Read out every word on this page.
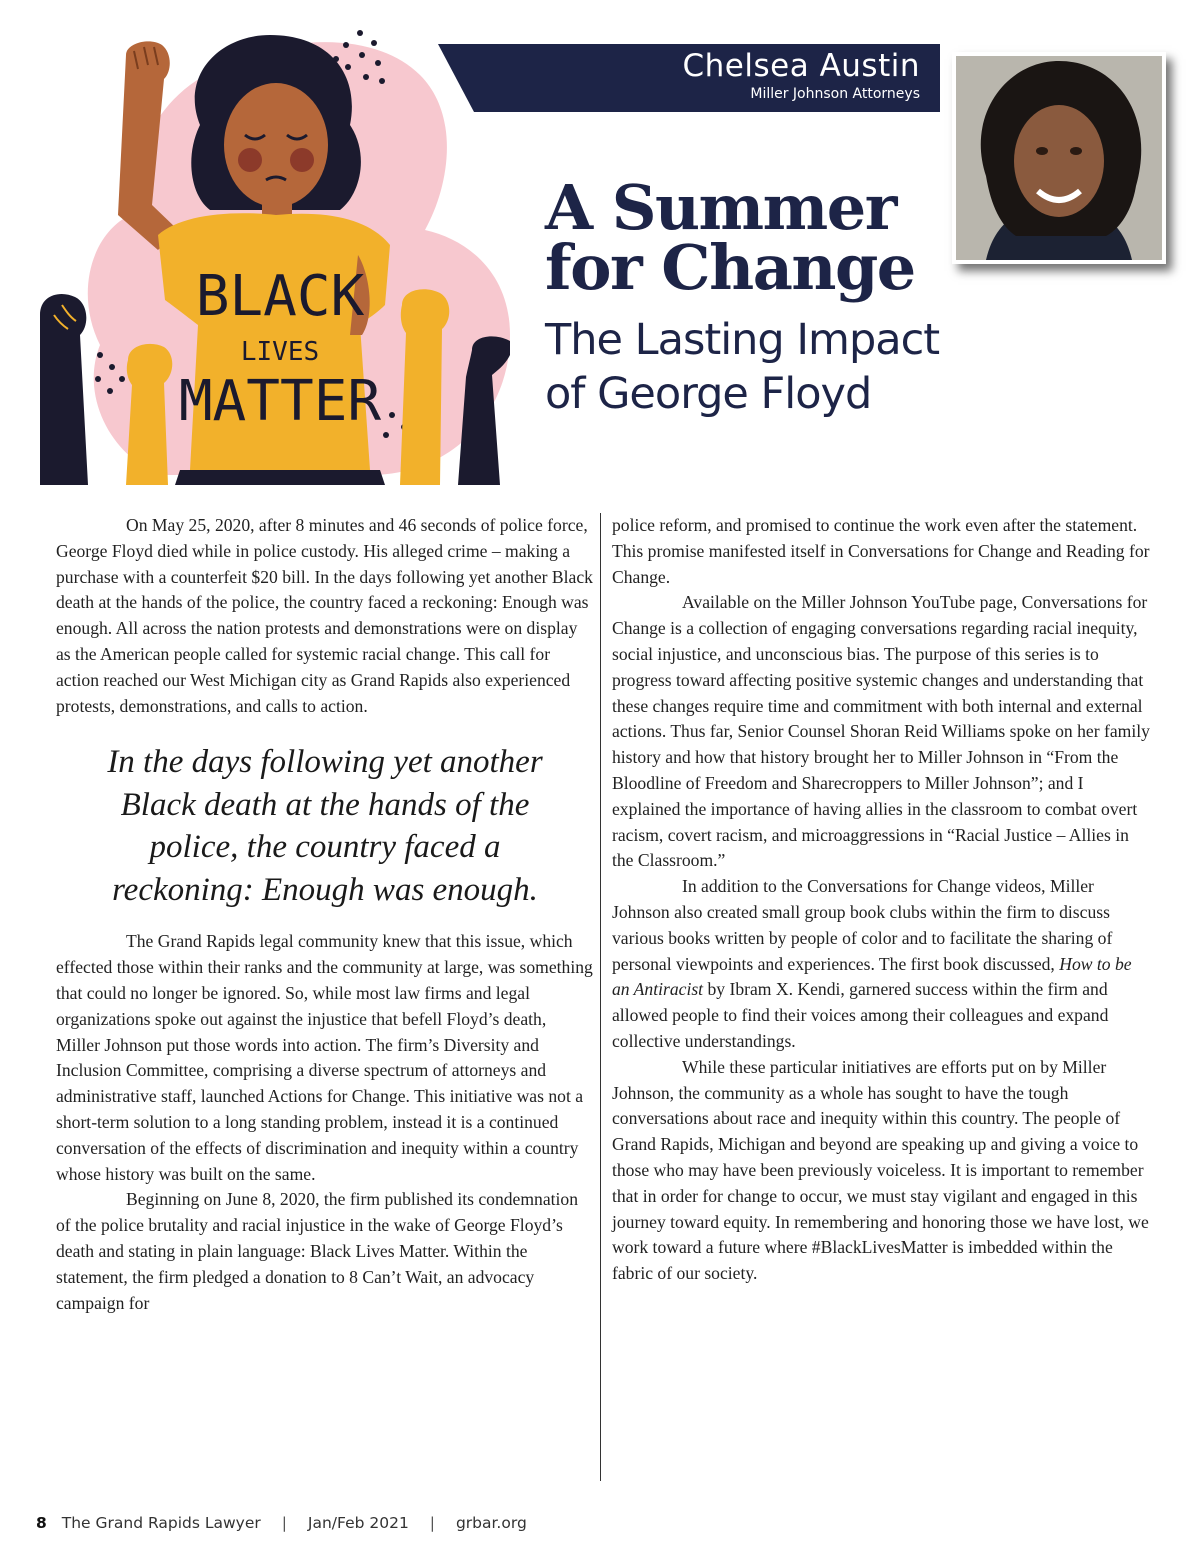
BLACK
LIVES
MATTER
Chelsea Austin
Miller Johnson Attorneys
A Summer
for Change
The Lasting Impact
of George Floyd

On May 25, 2020, after 8 minutes and 46 seconds of police force, George Floyd died while in police custody. His alleged crime – making a purchase with a counterfeit $20 bill. In the days following yet another Black death at the hands of the police, the country faced a reckoning: Enough was enough. All across the nation protests and demonstrations were on display as the American people called for systemic racial change. This call for action reached our West Michigan city as Grand Rapids also experienced protests, demonstrations, and calls to action.

In the days following yet another Black death at the hands of the police, the country faced a reckoning: Enough was enough.

The Grand Rapids legal community knew that this issue, which effected those within their ranks and the community at large, was something that could no longer be ignored. So, while most law firms and legal organizations spoke out against the injustice that befell Floyd’s death, Miller Johnson put those words into action. The firm’s Diversity and Inclusion Committee, comprising a diverse spectrum of attorneys and administrative staff, launched Actions for Change. This initiative was not a short-term solution to a long standing problem, instead it is a continued conversation of the effects of discrimination and inequity within a country whose history was built on the same.

Beginning on June 8, 2020, the firm published its condemnation of the police brutality and racial injustice in the wake of George Floyd’s death and stating in plain language: Black Lives Matter. Within the statement, the firm pledged a donation to 8 Can’t Wait, an advocacy campaign for

police reform, and promised to continue the work even after the statement. This promise manifested itself in Conversations for Change and Reading for Change.

Available on the Miller Johnson YouTube page, Conversations for Change is a collection of engaging conversations regarding racial inequity, social injustice, and unconscious bias. The purpose of this series is to progress toward affecting positive systemic changes and understanding that these changes require time and commitment with both internal and external actions. Thus far, Senior Counsel Shoran Reid Williams spoke on her family history and how that history brought her to Miller Johnson in “From the Bloodline of Freedom and Sharecroppers to Miller Johnson”; and I explained the importance of having allies in the classroom to combat overt racism, covert racism, and microaggressions in “Racial Justice – Allies in the Classroom.”

In addition to the Conversations for Change videos, Miller Johnson also created small group book clubs within the firm to discuss various books written by people of color and to facilitate the sharing of personal viewpoints and experiences. The first book discussed, How to be an Antiracist by Ibram X. Kendi, garnered success within the firm and allowed people to find their voices among their colleagues and expand collective understandings.

While these particular initiatives are efforts put on by Miller Johnson, the community as a whole has sought to have the tough conversations about race and inequity within this country. The people of Grand Rapids, Michigan and beyond are speaking up and giving a voice to those who may have been previously voiceless. It is important to remember that in order for change to occur, we must stay vigilant and engaged in this journey toward equity. In remembering and honoring those we have lost, we work toward a future where #BlackLivesMatter is imbedded within the fabric of our society.

8 The Grand Rapids Lawyer | Jan/Feb 2021 | grbar.org
